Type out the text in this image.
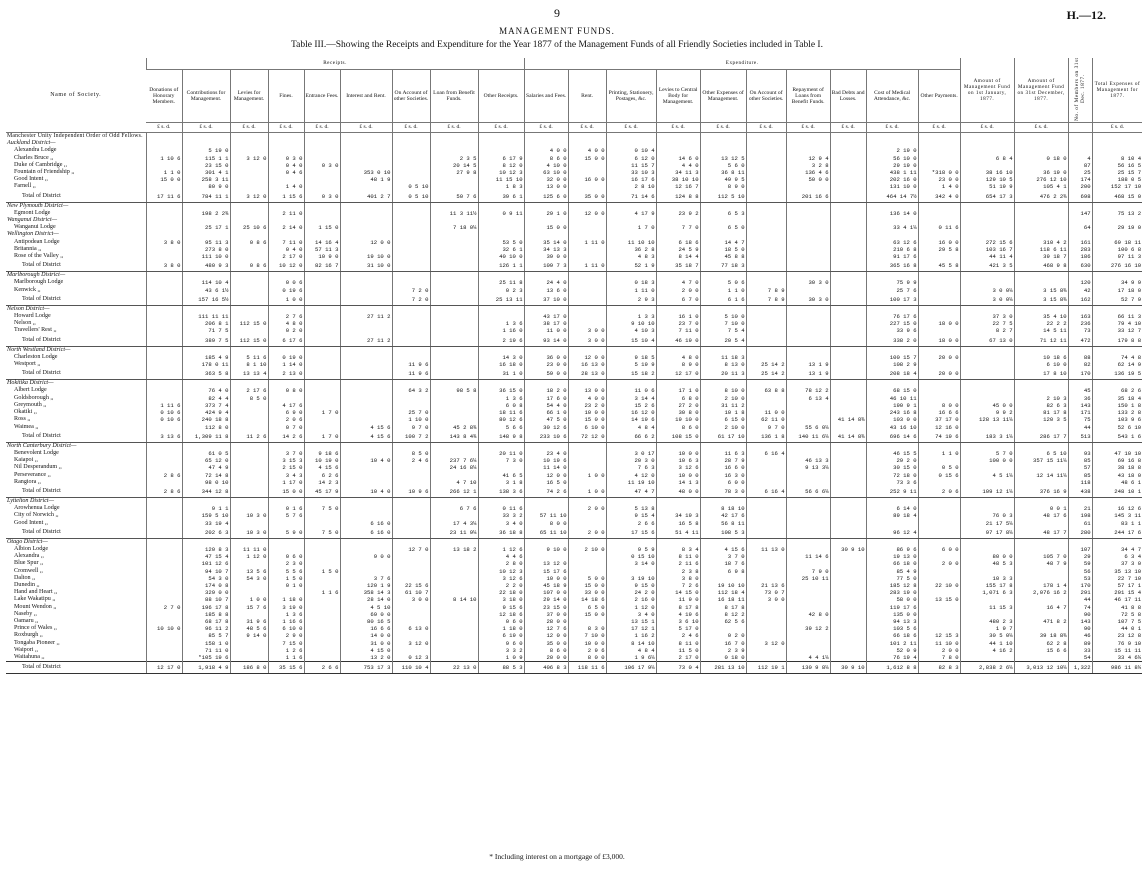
9	H.—12.
MANAGEMENT FUNDS.
Table III.—Showing the Receipts and Expenditure for the Year 1877 of the Management Funds of all Friendly Societies included in Table I.
Name of Society.	Receipts.									Expenditure.										Amount of Management Fund on 1st January, 1877.	Amount of Management Fund on 31st December, 1877.	No. of Members on 31st Dec. 1877.	Total Expenses of Management for 1877.
	Donations of Honorary Members.	Contributions for Management.	Levies for Management.	Fines.	Entrance Fees.	Interest and Rent.	On Account of other Societies.	Loan from Benefit Funds.	Other Receipts.	Salaries and Fees.	Rent.	Printing, Stationery, Postages, &c.	Levies to Central Body for Management.	Other Expenses of Management.	On Account of other Societies.	Repayment of Loans from Benefit Funds.	Bad Debts and Losses.	Cost of Medical Attendance, &c.	Other Payments.				
	£ s. d.	£ s. d.	£ s. d.	£ s. d.	£ s. d.	£ s. d.	£ s. d.	£ s. d.	£ s. d.	£ s. d.	£ s. d.	£ s. d.	£ s. d.	£ s. d.	£ s. d.	£ s. d.	£ s. d.	£ s. d.	£ s. d.	£ s. d.	£ s. d.		£ s. d.
Manchester Unity Independent Order of Odd Fellows.																							
Auckland District—																							
Alexandra Lodge		5 19 0								4 0 0	4 0 0	0 10 4						2 19 0					
Charles Bruce ,,	1 10 6	115 1 1	3 12 0	0 3 0				2 3 5	6 17 9	8 6 0	15 0 0	6 12 0	14 6 0	13 12 5		12 9 4		56 10 0		6 8 4	0 18 0	4	8 10 4
Duke of Cambridge ,,		23 15 0		0 4 0	0 3 0			20 14 5	8 12 0	4 10 0		11 15 7	4 4 0	5 6 0		3 2 8		29 19 0				87	56 16 5
Fountain of Friendship ,,	1 1 0	301 4 1		0 4 6		353 0 10		27 9 8	10 12 3	63 10 0		33 10 3	34 11 3	36 8 11		136 4 6		438 1 11	*318 0 0	38 16 10	36 19 0	25	25 15 7
Good Intent ,,	15 0 0	258 3 11				48 1 9			11 15 10	32 0 0	16 0 0	16 17 6	38 10 10	49 9 5		50 0 0		202 16 0	23 0 0	129 10 5	276 12 10	174	188 0 5
Farnell ,,		80 9 0		1 4 0			0 5 10		1 8 3	13 0 0		2 8 10	12 16 7	8 9 0				131 10 0	1 4 0	51 19 9	105 4 1	200	152 17 10
Total of District	17 11 6	784 11 1	3 12 0	1 15 6	0 3 0	401 2 7	0 5 10	50 7 6	39 6 1	125 6 0	35 0 0	71 14 6	124 8 8	112 5 10		201 16 6		464 14 7½	342 4 0	654 17 3	476 2 2¾	698	468 15 0
New Plymouth District—																							
Egmont Lodge		198 2 2¾		2 11 0				11 3 11½	0 9 11	29 1 0	12 0 0	4 17 9	23 9 2	6 5 3				136 14 0				147	75 13 2
Wanganui District—																							
Wanganui Lodge		25 17 1	25 10 6	2 14 0	1 15 0			7 18 0¼		15 0 0		1 7 0	7 7 0	6 5 0				33 4 1¼	0 11 6			64	29 19 0
Wellington District—																							
Antipodean Lodge	3 8 0	95 11 3	0 8 6	7 11 0	14 16 4	12 0 0			53 5 0	35 14 0	1 11 0	11 10 10	6 18 6	14 4 7				63 12 6	16 0 0	272 15 6	310 4 2	161	69 18 11
Britannia ,,		273 8 0		0 4 0	57 11 3				32 6 1	34 13 3		36 2 8	24 5 9	18 5 0				210 6 8	29 5 8	103 16 7	118 6 11	283	100 6 8
Rose of the Valley ,,		111 10 0		2 17 0	10 9 0	19 10 0			40 10 0	39 0 0		4 8 3	8 14 4	45 8 8				91 17 6		44 11 4	39 18 7	186	97 11 3
Total of District	3 8 0	480 9 3	0 8 6	10 12 0	82 16 7	31 10 0			126 1 1	109 7 3	1 11 0	52 1 9	35 18 7	77 18 3				365 16 8	45 5 8	421 3 5	468 9 8	630	276 16 10
Marlborough District—																							
Marlborough Lodge		114 10 4		0 0 6					25 11 8	24 4 0		0 18 3	4 7 0	5 0 6		30 3 0		75 9 9				120	34 9 9
Kenwick ,,		43 6 1½		0 19 6			7 2 0		0 2 3	13 6 0		1 11 0	2 0 0	1 1 0	7 8 9			25 7 6		3 0 0¼	3 15 8¾	42	17 18 0
Total of District		157 16 5½		1 0 0			7 2 0		25 13 11	37 10 0		2 9 3	6 7 0	6 1 6	7 8 9	30 3 0		100 17 3		3 0 0¼	3 15 8¾	162	52 7 9
Nelson District—																							
Howard Lodge		111 11 11		2 7 6		27 11 2				43 17 0		1 3 3	16 1 0	5 10 0				76 17 6		37 3 0	35 4 10	163	66 11 3
Nelson ,,		206 8 1	112 15 0	4 8 0					1 3 6	38 17 0		9 10 10	23 7 0	7 10 0				227 15 0	18 0 0	22 7 5	22 2 2	236	79 4 10
Travellers' Rest ,,		71 7 5		0 2 0					1 16 0	11 0 0	3 0 0	4 10 3	7 11 0	7 5 4				33 9 6		8 2 7	14 5 11	73	33 12 7
Total of District		389 7 5	112 15 0	6 17 6		27 11 2			2 19 6	93 14 0	3 0 0	15 10 4	46 19 0	20 5 4				338 2 0	18 0 0	67 13 0	71 12 11	472	179 8 8
North Westland District—																							
Charleston Lodge		185 4 9	5 11 6	0 19 0					14 3 0	36 0 0	12 0 0	9 18 5	4 8 0	11 18 3				100 15 7	20 0 0		10 18 6	88	74 4 8
Westport ,,		178 0 11	8 1 10	1 14 0			11 9 6		16 18 0	23 0 0	16 13 0	5 19 9	8 9 0	8 13 0	25 14 2	13 1 9		108 2 9			6 10 0	82	62 14 9
Total of District		363 5 8	13 13 4	2 13 0			11 9 6		31 1 0	59 0 0	28 13 0	15 18 2	12 17 0	20 11 3	25 14 2	13 1 9		208 18 4	20 0 0		17 8 10	170	136 19 5
Hokitika District—																							
Albert Lodge		76 4 0	2 17 6	0 8 0			64 3 2	98 5 8	36 15 0	18 2 0	13 0 0	11 0 6	17 1 0	8 10 0	63 8 8	78 12 2		68 15 0				45	68 2 6
Goldsborough ,,		82 4 4	8 5 0						1 3 6	17 6 0	4 0 0	3 14 4	6 8 0	2 10 0		6 13 4		46 10 11			2 10 3	36	35 18 4
Greymouth ,,	1 11 6	373 7 4		4 17 6					6 0 8	54 4 0	23 2 0	15 2 6	27 2 0	31 11 2				190 9 1	8 0 0	45 0 0	82 6 3	143	150 1 8
Okatiki ,,	0 10 6	424 9 4		6 9 0	1 7 0		25 7 0		18 11 6	66 1 0	10 0 0	16 12 0	30 8 0	10 1 8	11 0 0			243 16 8	16 6 6	9 9 2	81 17 8	171	133 2 8
Ross ,,	0 10 6	240 18 8		2 0 6			1 10 0		80 12 6	47 5 0	15 0 0	14 19 6	19 10 0	6 15 0	62 11 0		41 14 8¾	103 0 0	37 17 0	128 13 11¼	120 3 5	75	103 9 6
Waimea ,,		112 8 0		0 7 0		4 15 6	9 7 0	45 2 8¾	5 6 6	30 12 6	6 10 0	4 8 4	8 6 0	2 10 0	9 7 0	55 6 0¼		43 16 10	12 16 0			44	52 6 10
Total of District	3 13 6	1,309 11 8	11 2 6	14 2 6	1 7 0	4 15 6	100 7 2	143 8 4¾	148 9 8	233 10 6	72 12 0	66 6 2	108 15 0	61 17 10	136 1 8	140 11 6¼	41 14 8¾	696 14 6	74 19 6	183 3 1¼	286 17 7	513	543 1 6
North Canterbury District—																							
Benevolent Lodge		61 0 5		3 7 0	9 18 6		8 5 0		20 11 0	23 4 0		3 0 17	10 0 0	11 6 3	6 16 4			46 15 5	1 1 0	5 7 0	6 5 10	93	47 10 10
Kaiapoi ,,		65 12 0		3 15 3	10 19 0	10 4 0	2 4 6	237 7 6¼	7 3 0	10 19 6		20 3 0	10 6 3	28 7 9		46 13 3		29 2 0		100 0 0	357 15 11¼	85	69 16 8
Nil Desperandum ,,		47 4 9		2 15 0	4 15 6			24 16 8¼		11 14 0		7 6 3	3 12 6	16 6 0		9 13 3¼		30 15 0	0 5 0			57	38 18 8
Perseverance ,,	2 8 6	72 14 8		3 4 3	6 2 6				41 6 5	12 0 0	1 0 0	4 12 0	10 0 0	16 3 0				72 18 0	0 15 6	4 5 1¼	12 14 11¼	85	43 18 0
Rangiora ,,		98 0 10		1 17 0	14 2 3			4 7 10	3 1 8	16 5 0		11 19 10	14 1 3	6 0 0				73 3 6				118	48 6 1
Total of District	2 8 6	344 12 8		15 0 0	45 17 9	10 4 0	10 9 6	266 12 1	138 3 6	74 2 6	1 0 0	47 4 7	48 0 0	78 3 0	6 16 4	56 6 6¼		252 9 11	2 0 6	109 12 1¼	376 16 9	438	248 10 1
Lyttelton District—																							
Arowhenua Lodge		9 1 1		0 1 6	7 5 0			6 7 6	0 11 6		2 0 0	5 13 8		8 18 10				6 14 0			0 0 1	21	16 12 6
City of Norwich ,,		159 5 10	10 3 0	5 7 6					33 3 2	57 11 10		9 15 4	34 19 3	42 17 6				89 18 4		76 0 3	48 17 6	198	145 3 11
Good Intent ,,		33 19 4				6 16 0		17 4 3¼	3 4 0	8 0 0		2 6 6	16 5 8	56 8 11						21 17 5¼		61	83 1 1
Total of District		202 6 3	10 3 0	5 9 0	7 5 0	6 16 0		23 11 9¼	36 18 8	65 11 10	2 0 0	17 15 6	51 4 11	108 5 3				96 12 4		97 17 8¼	48 17 7	280	244 17 6
Otago District—																							
Albion Lodge		120 8 3	11 11 0				12 7 0	13 18 2	1 12 6	9 10 0	2 10 0	9 5 9	8 3 4	4 15 6	11 13 0		30 9 10	86 9 6	6 0 0			107	34 4 7
Alexandra ,,		47 15 4	1 12 0	0 6 0		9 0 0			4 4 6			0 15 10	8 11 0	3 7 0		11 14 6		19 13 0		80 0 0	105 7 0	29	6 3 4
Blue Spur ,,		101 12 6		2 3 0					2 8 0	13 12 0		3 14 0	2 11 6	18 7 6				66 18 0	2 0 0	48 5 3	48 7 9	59	37 3 0
Cromwell ,,		94 10 7	13 5 6	5 5 6	1 5 0				10 12 3	15 17 6			2 3 8	6 9 8		7 9 0		85 4 9				56	35 13 10
Dalton ,,		54 3 0	54 3 0	1 5 0		3 7 6			3 12 6	10 0 0	5 0 0	3 19 10	3 8 0			25 10 11		77 5 0		10 3 3		53	22 7 10
Dunedin ,,		174 0 8		0 1 0		120 1 9	22 15 6		2 2 0	45 18 9	15 0 0	9 15 0	7 2 6	19 10 10	21 13 6			185 12 8	22 10 0	155 17 8	178 1 4	170	57 17 1
Hand and Heart ,,		329 0 0			1 1 6	358 14 3	61 10 7		22 18 0	107 0 0	33 0 0	24 2 0	14 15 0	112 18 4	73 0 7			283 19 0		1,071 6 3	2,076 16 2	291	201 15 4
Lake Wakatipu ,,		88 10 7	1 0 0	1 18 0		28 14 0	3 0 0	8 14 10	3 18 0	29 14 0	14 18 6	2 16 0	11 9 0	16 18 11	3 0 0			58 0 0	13 15 0			44	46 17 11
Mount Wendon ,,	2 7 0	196 17 8	15 7 6	3 19 0		4 5 10			9 15 6	23 15 0	6 5 0	1 12 0	8 17 8	8 17 8				119 17 6		11 15 3	16 4 7	74	41 8 8
Naseby ,,		185 8 8		1 3 6		69 0 0			12 18 6	37 0 0	15 0 0	3 4 0	4 19 6	8 12 2		42 8 0		135 0 0				90	72 5 8
Oamaru ,,		68 17 8	31 9 6	1 16 6		80 16 5			0 6 0	28 0 0		13 15 1	3 6 10	62 5 6				94 13 3		480 2 3	471 8 2	143	107 7 5
Prince of Wales ,,	10 10 0	96 11 2	48 5 6	6 10 0		16 6 6	6 13 0		1 18 0	12 7 6	8 3 0	17 12 1	5 17 0			39 12 2		103 5 6		1 9 7		90	44 0 1
Roxburgh ,,		85 5 7	9 14 0	2 9 0		14 0 0			6 19 0	12 0 0	7 10 0	1 16 2	2 4 6	0 2 0				66 18 6	12 15 3	30 5 0¼	39 18 8¾	46	23 12 8
Tongaba Pioneer ,,		158 1 0		7 15 0		31 0 0	3 12 0		9 6 0	35 0 0	10 0 0	8 14 10	8 11 0	16 7 0	3 12 0			101 2 11	11 10 0	44 1 10	62 2 8	89	76 9 10
Waipori ,,		71 11 0		1 2 6		4 15 0			3 3 2	8 6 0	2 9 6	4 8 4	11 5 0	2 3 9				52 0 9	2 0 0	4 16 2	15 6 6	33	15 11 11
Waitahuna ,,		*105 19 6		1 1 6		13 2 0	0 12 3		1 0 9	20 0 0	8 0 0	1 9 6¼	2 17 0	0 18 0		4 4 1¼		76 19 4	7 8 0			54	33 4 6¼
Total of District	12 17 0	1,918 4 9	186 8 0	35 15 6	2 6 6	753 17 3	110 10 4	22 13 0	88 5 3	406 8 3	118 11 6	106 17 9¼	73 0 4	281 13 10	112 19 1	130 9 8¼	30 9 10	1,612 8 8	82 8 3	2,838 2 6¼	3,013 12 10¼	1,322	986 11 8¼
* Including interest on a mortgage of £3,000.
